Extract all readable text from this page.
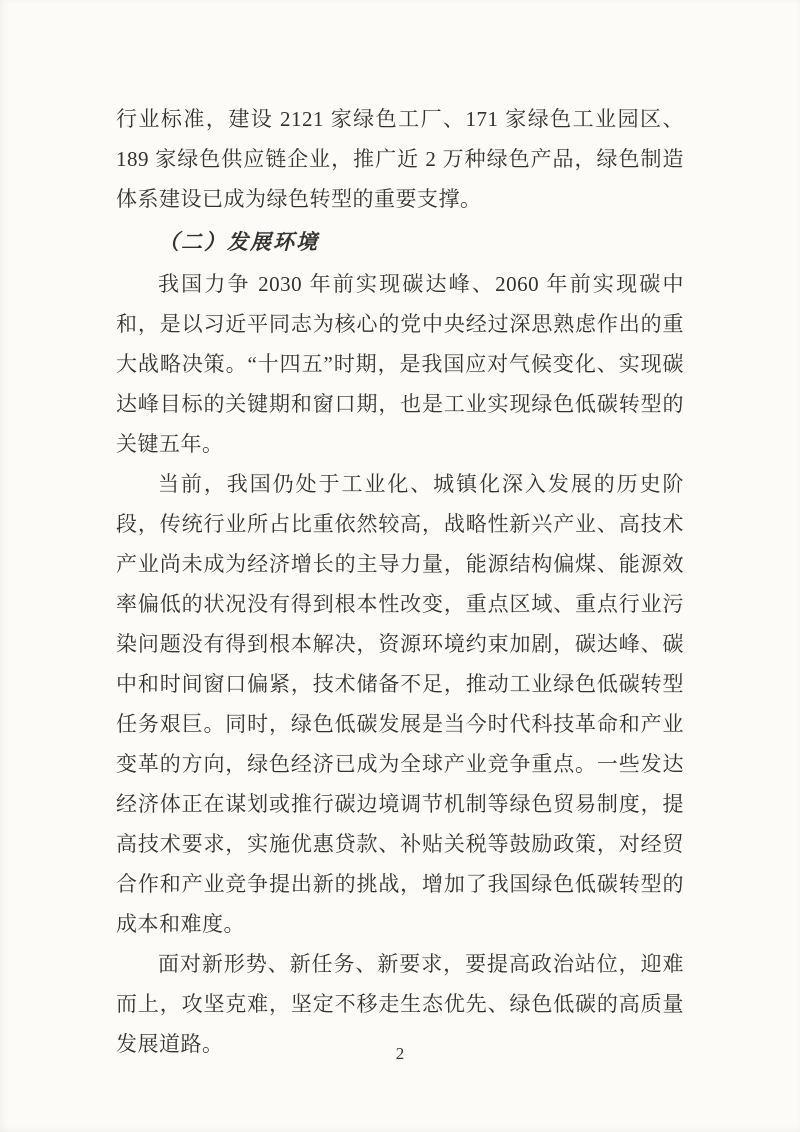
行业标准，建设 2121 家绿色工厂、171 家绿色工业园区、189 家绿色供应链企业，推广近 2 万种绿色产品，绿色制造体系建设已成为绿色转型的重要支撑。

（二）发展环境

我国力争 2030 年前实现碳达峰、2060 年前实现碳中和，是以习近平同志为核心的党中央经过深思熟虑作出的重大战略决策。“十四五”时期，是我国应对气候变化、实现碳达峰目标的关键期和窗口期，也是工业实现绿色低碳转型的关键五年。

当前，我国仍处于工业化、城镇化深入发展的历史阶段，传统行业所占比重依然较高，战略性新兴产业、高技术产业尚未成为经济增长的主导力量，能源结构偏煤、能源效率偏低的状况没有得到根本性改变，重点区域、重点行业污染问题没有得到根本解决，资源环境约束加剧，碳达峰、碳中和时间窗口偏紧，技术储备不足，推动工业绿色低碳转型任务艰巨。同时，绿色低碳发展是当今时代科技革命和产业变革的方向，绿色经济已成为全球产业竞争重点。一些发达经济体正在谋划或推行碳边境调节机制等绿色贸易制度，提高技术要求，实施优惠贷款、补贴关税等鼓励政策，对经贸合作和产业竞争提出新的挑战，增加了我国绿色低碳转型的成本和难度。

面对新形势、新任务、新要求，要提高政治站位，迎难而上，攻坚克难，坚定不移走生态优先、绿色低碳的高质量发展道路。	2
